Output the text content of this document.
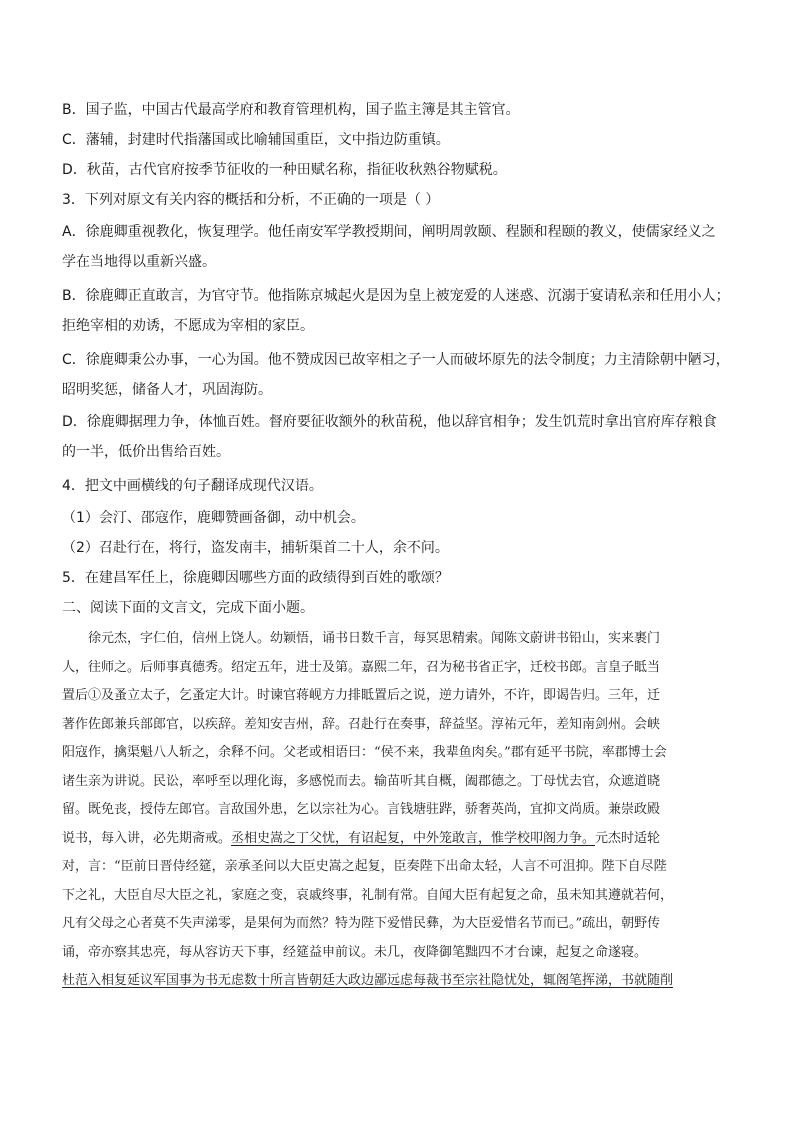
B．国子监，中国古代最高学府和教育管理机构，国子监主簿是其主管官。

C．藩辅，封建时代指藩国或比喻辅国重臣，文中指边防重镇。

D．秋苗，古代官府按季节征收的一种田赋名称，指征收秋熟谷物赋税。

3．下列对原文有关内容的概括和分析，不正确的一项是（ ）

A．徐鹿卿重视教化，恢复理学。他任南安军学教授期间，阐明周敦颐、程颢和程颐的教义，使儒家经义之
学在当地得以重新兴盛。

B．徐鹿卿正直敢言，为官守节。他指陈京城起火是因为皇上被宠爱的人迷惑、沉溺于宴请私亲和任用小人；
拒绝宰相的劝诱，不愿成为宰相的家臣。

C．徐鹿卿秉公办事，一心为国。他不赞成因已故宰相之子一人而破坏原先的法令制度；力主清除朝中陋习，
昭明奖惩，储备人才，巩固海防。

D．徐鹿卿据理力争，体恤百姓。督府要征收额外的秋苗税，他以辞官相争；发生饥荒时拿出官府库存粮食
的一半，低价出售给百姓。

4．把文中画横线的句子翻译成现代汉语。

（1）会汀、邵寇作，鹿卿赞画备御，动中机会。

（2）召赴行在，将行，盗发南丰，捕斩渠首二十人，余不问。

5．在建昌军任上，徐鹿卿因哪些方面的政绩得到百姓的歌颂？

二、阅读下面的文言文，完成下面小题。

徐元杰，字仁伯，信州上饶人。幼颖悟，诵书日数千言，每冥思精索。闻陈文蔚讲书铅山，实来裹门
人，往师之。后师事真德秀。绍定五年，进士及第。嘉熙二年，召为秘书省正字，迁校书郎。言皇子眡当
置后①及蚤立太子，乞蚤定大计。时谏官蒋岘方力排眡置后之说，逆力请外，不许，即谒告归。三年，迁
著作佐郎兼兵部郎官，以疾辞。差知安吉州，辞。召赴行在奏事，辞益坚。淳祐元年，差知南剑州。会峡
阳寇作，擒渠魁八人斩之，余释不问。父老或相语曰：“侯不来，我辈鱼肉矣。”郡有延平书院，率郡博士会
诸生亲为讲说。民讼，率呼至以理化诲，多感悦而去。输苗听其自概，阖郡德之。丁母忧去官，众遮道晓
留。既免丧，授侍左郎官。言敌国外患，乞以宗社为心。言钱塘驻跸，骄奢英尚，宜抑文尚质。兼崇政殿
说书，每入讲，必先期斋戒。丞相史嵩之丁父忧，有诏起复，中外笼敢言，惟学校叩阁力争。元杰时适轮
对，言：“臣前日晋侍经筵，亲承圣问以大臣史嵩之起复，臣奏陛下出命太轻，人言不可沮抑。陛下自尽陛
下之礼，大臣自尽大臣之礼，家庭之变，哀戚终事，礼制有常。自闻大臣有起复之命，虽未知其遵就若何，
凡有父母之心者莫不失声涕零，是果何为而然？特为陛下爱惜民彝，为大臣爱惜名节而已。”疏出，朝野传
诵，帝亦察其忠亮，每从容访天下事，经筵益申前议。未几，夜降御笔黜四不才台谏，起复之命遂寝。
杜范入相复延议军国事为书无虑数十所言皆朝廷大政边鄙远虑每裁书至宗社隐忧处，辄阁笔挥涕，书就随削
